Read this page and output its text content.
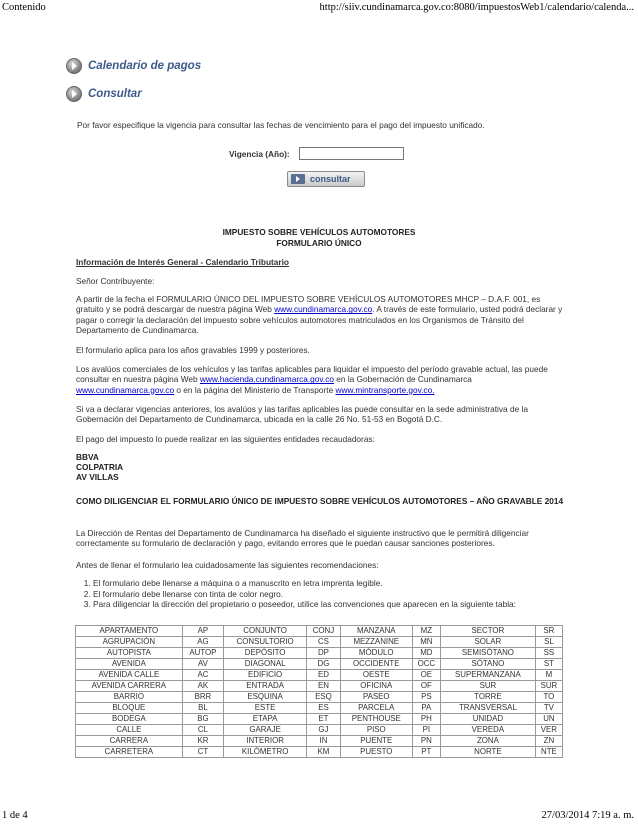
Contenido	http://siiv.cundinamarca.gov.co:8080/impuestosWeb1/calendario/calenda...
Calendario de pagos
Consultar
Por favor especifique la vigencia para consultar las fechas de vencimiento para el pago del impuesto unificado.
Vigencia (Año):
consultar
IMPUESTO SOBRE VEHÍCULOS AUTOMOTORES
FORMULARIO ÚNICO
Información de Interés General - Calendario Tributario
Señor Contribuyente:
A partir de la fecha el FORMULARIO ÚNICO DEL IMPUESTO SOBRE VEHÍCULOS AUTOMOTORES MHCP – D.A.F. 001, es gratuito y se podrá descargar de nuestra página Web www.cundinamarca.gov.co. A través de este formulario, usted podrá declarar y pagar o corregir la declaración del impuesto sobre vehículos automotores matriculados en los Organismos de Tránsito del Departamento de Cundinamarca.
El formulario aplica para los años gravables 1999 y posteriores.
Los avalúos comerciales de los vehículos y las tarifas aplicables para liquidar el impuesto del período gravable actual, las puede consultar en nuestra página Web www.hacienda.cundinamarca.gov.co en la Gobernación de Cundinamarca www.cundinamarca.gov.co o en la página del Ministerio de Transporte www.mintransporte.gov.co.
Si va a declarar vigencias anteriores, los avalúos y las tarifas aplicables las puede consultar en la sede administrativa de la Gobernación del Departamento de Cundinamarca, ubicada en la calle 26 No. 51-53 en Bogotá D.C.
El pago del impuesto lo puede realizar en las siguientes entidades recaudadoras:
BBVA
COLPATRIA
AV VILLAS
COMO DILIGENCIAR EL FORMULARIO ÚNICO DE IMPUESTO SOBRE VEHÍCULOS AUTOMOTORES – AÑO GRAVABLE 2014
La Dirección de Rentas del Departamento de Cundinamarca ha diseñado el siguiente instructivo que le permitirá diligenciar correctamente su formulario de declaración y pago, evitando errores que le puedan causar sanciones posteriores.
Antes de llenar el formulario lea cuidadosamente las siguientes recomendaciones:
1. El formulario debe llenarse a máquina o a manuscrito en letra imprenta legible.
2. El formulario debe llenarse con tinta de color negro.
3. Para diligenciar la dirección del propietario o poseedor, utilice las convenciones que aparecen en la siguiente tabla:
APARTAMENTO	AP	CONJUNTO	CONJ	MANZANA	MZ	SECTOR	SR
AGRUPACIÓN	AG	CONSULTORIO	CS	MEZZANINE	MN	SOLAR	SL
AUTOPISTA	AUTOP	DEPÓSITO	DP	MÓDULO	MD	SEMISÓTANO	SS
AVENIDA	AV	DIAGONAL	DG	OCCIDENTE	OCC	SÓTANO	ST
AVENIDA CALLE	AC	EDIFICIO	ED	OESTE	OE	SUPERMANZANA	M
AVENIDA CARRERA	AK	ENTRADA	EN	OFICINA	OF	SUR	SUR
BARRIO	BRR	ESQUINA	ESQ	PASEO	PS	TORRE	TO
BLOQUE	BL	ESTE	ES	PARCELA	PA	TRANSVERSAL	TV
BODEGA	BG	ETAPA	ET	PENTHOUSE	PH	UNIDAD	UN
CALLE	CL	GARAJE	GJ	PISO	PI	VEREDA	VER
CARRERA	KR	INTERIOR	IN	PUENTE	PN	ZONA	ZN
CARRETERA	CT	KILÓMETRO	KM	PUESTO	PT	NORTE	NTE
1 de 4	27/03/2014 7:19 a. m.
